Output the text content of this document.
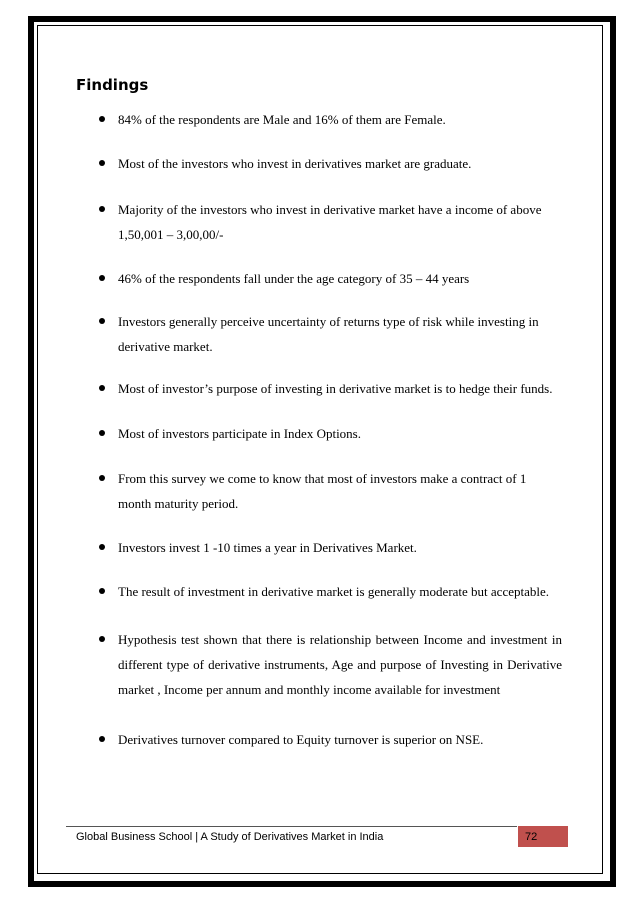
Findings
84% of the respondents are Male and 16% of them are Female.
Most of the investors who invest in derivatives market are graduate.
Majority of the investors who invest in derivative market have a income of above 1,50,001 – 3,00,00/-
46% of the respondents fall under the age category of 35 – 44 years
Investors generally perceive uncertainty of returns type of risk while investing in derivative market.
Most of investor’s purpose of investing in derivative market is to hedge their funds.
Most of investors participate in Index Options.
From this survey we come to know that most of investors make a contract of 1 month maturity period.
Investors invest 1 -10 times a year in Derivatives Market.
The result of investment in derivative market is generally moderate but acceptable.
Hypothesis test shown that there is relationship between Income and investment in different type of derivative instruments, Age and purpose of Investing in Derivative market , Income per annum and monthly income available for investment
Derivatives turnover compared to Equity turnover is superior on NSE.
Global Business School | A Study of Derivatives Market in India	72
